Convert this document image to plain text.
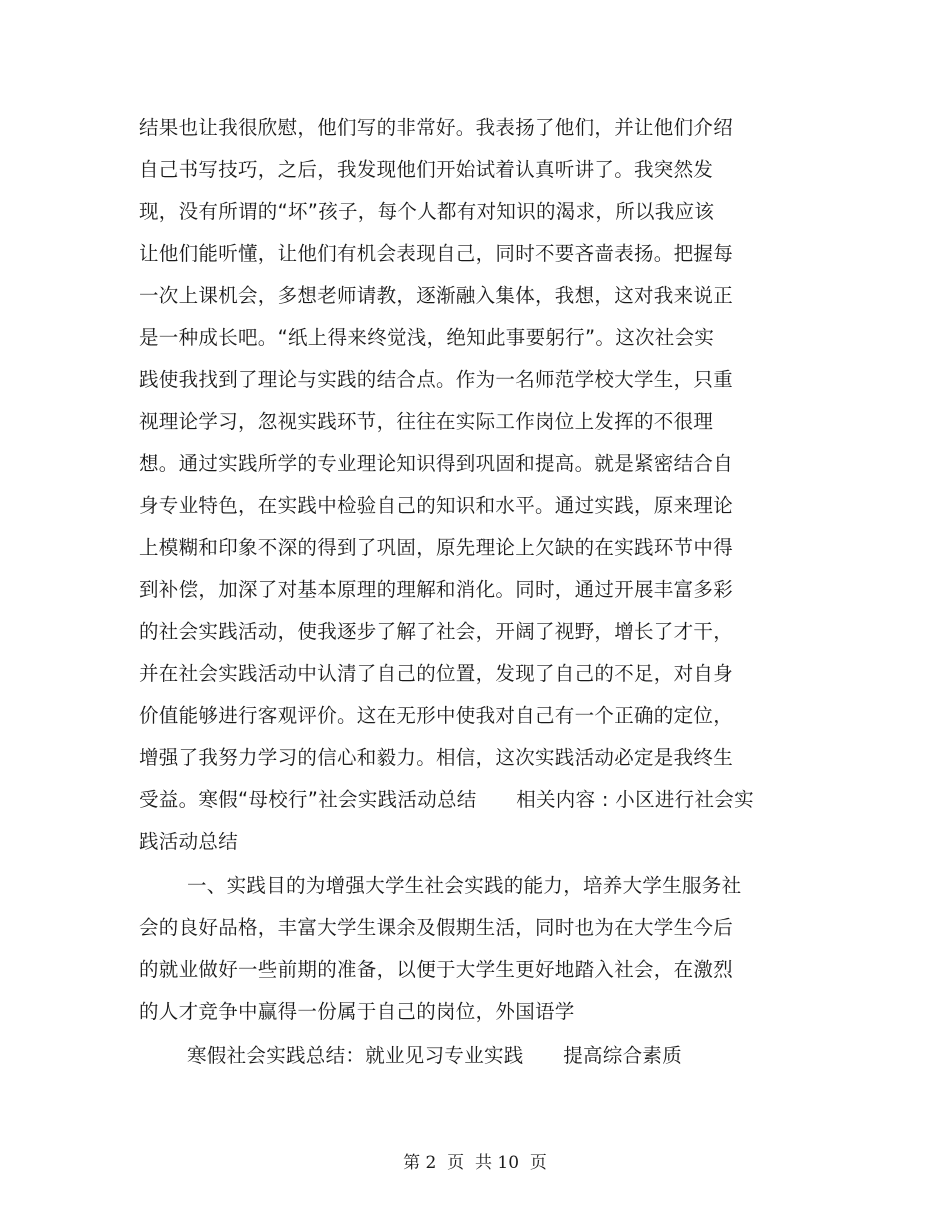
结果也让我很欣慰，他们写的非常好。我表扬了他们，并让他们介绍
自己书写技巧，之后，我发现他们开始试着认真听讲了。我突然发
现，没有所谓的“坏”孩子，每个人都有对知识的渴求，所以我应该
让他们能听懂，让他们有机会表现自己，同时不要吝啬表扬。把握每
一次上课机会，多想老师请教，逐渐融入集体，我想，这对我来说正
是一种成长吧。“纸上得来终觉浅，绝知此事要躬行”。这次社会实
践使我找到了理论与实践的结合点。作为一名师范学校大学生，只重
视理论学习，忽视实践环节，往往在实际工作岗位上发挥的不很理
想。通过实践所学的专业理论知识得到巩固和提高。就是紧密结合自
身专业特色，在实践中检验自己的知识和水平。通过实践，原来理论
上模糊和印象不深的得到了巩固，原先理论上欠缺的在实践环节中得
到补偿，加深了对基本原理的理解和消化。同时，通过开展丰富多彩
的社会实践活动，使我逐步了解了社会，开阔了视野，增长了才干，
并在社会实践活动中认清了自己的位置，发现了自己的不足，对自身
价值能够进行客观评价。这在无形中使我对自己有一个正确的定位，
增强了我努力学习的信心和毅力。相信，这次实践活动必定是我终生
受益。寒假“母校行”社会实践活动总结　　相关内容 : 小区进行社会实
践活动总结
一、实践目的为增强大学生社会实践的能力，培养大学生服务社
会的良好品格，丰富大学生课余及假期生活，同时也为在大学生今后
的就业做好一些前期的准备，以便于大学生更好地踏入社会，在激烈
的人才竞争中赢得一份属于自己的岗位，外国语学
寒假社会实践总结：就业见习专业实践　　提高综合素质
第 2  页  共 10  页
